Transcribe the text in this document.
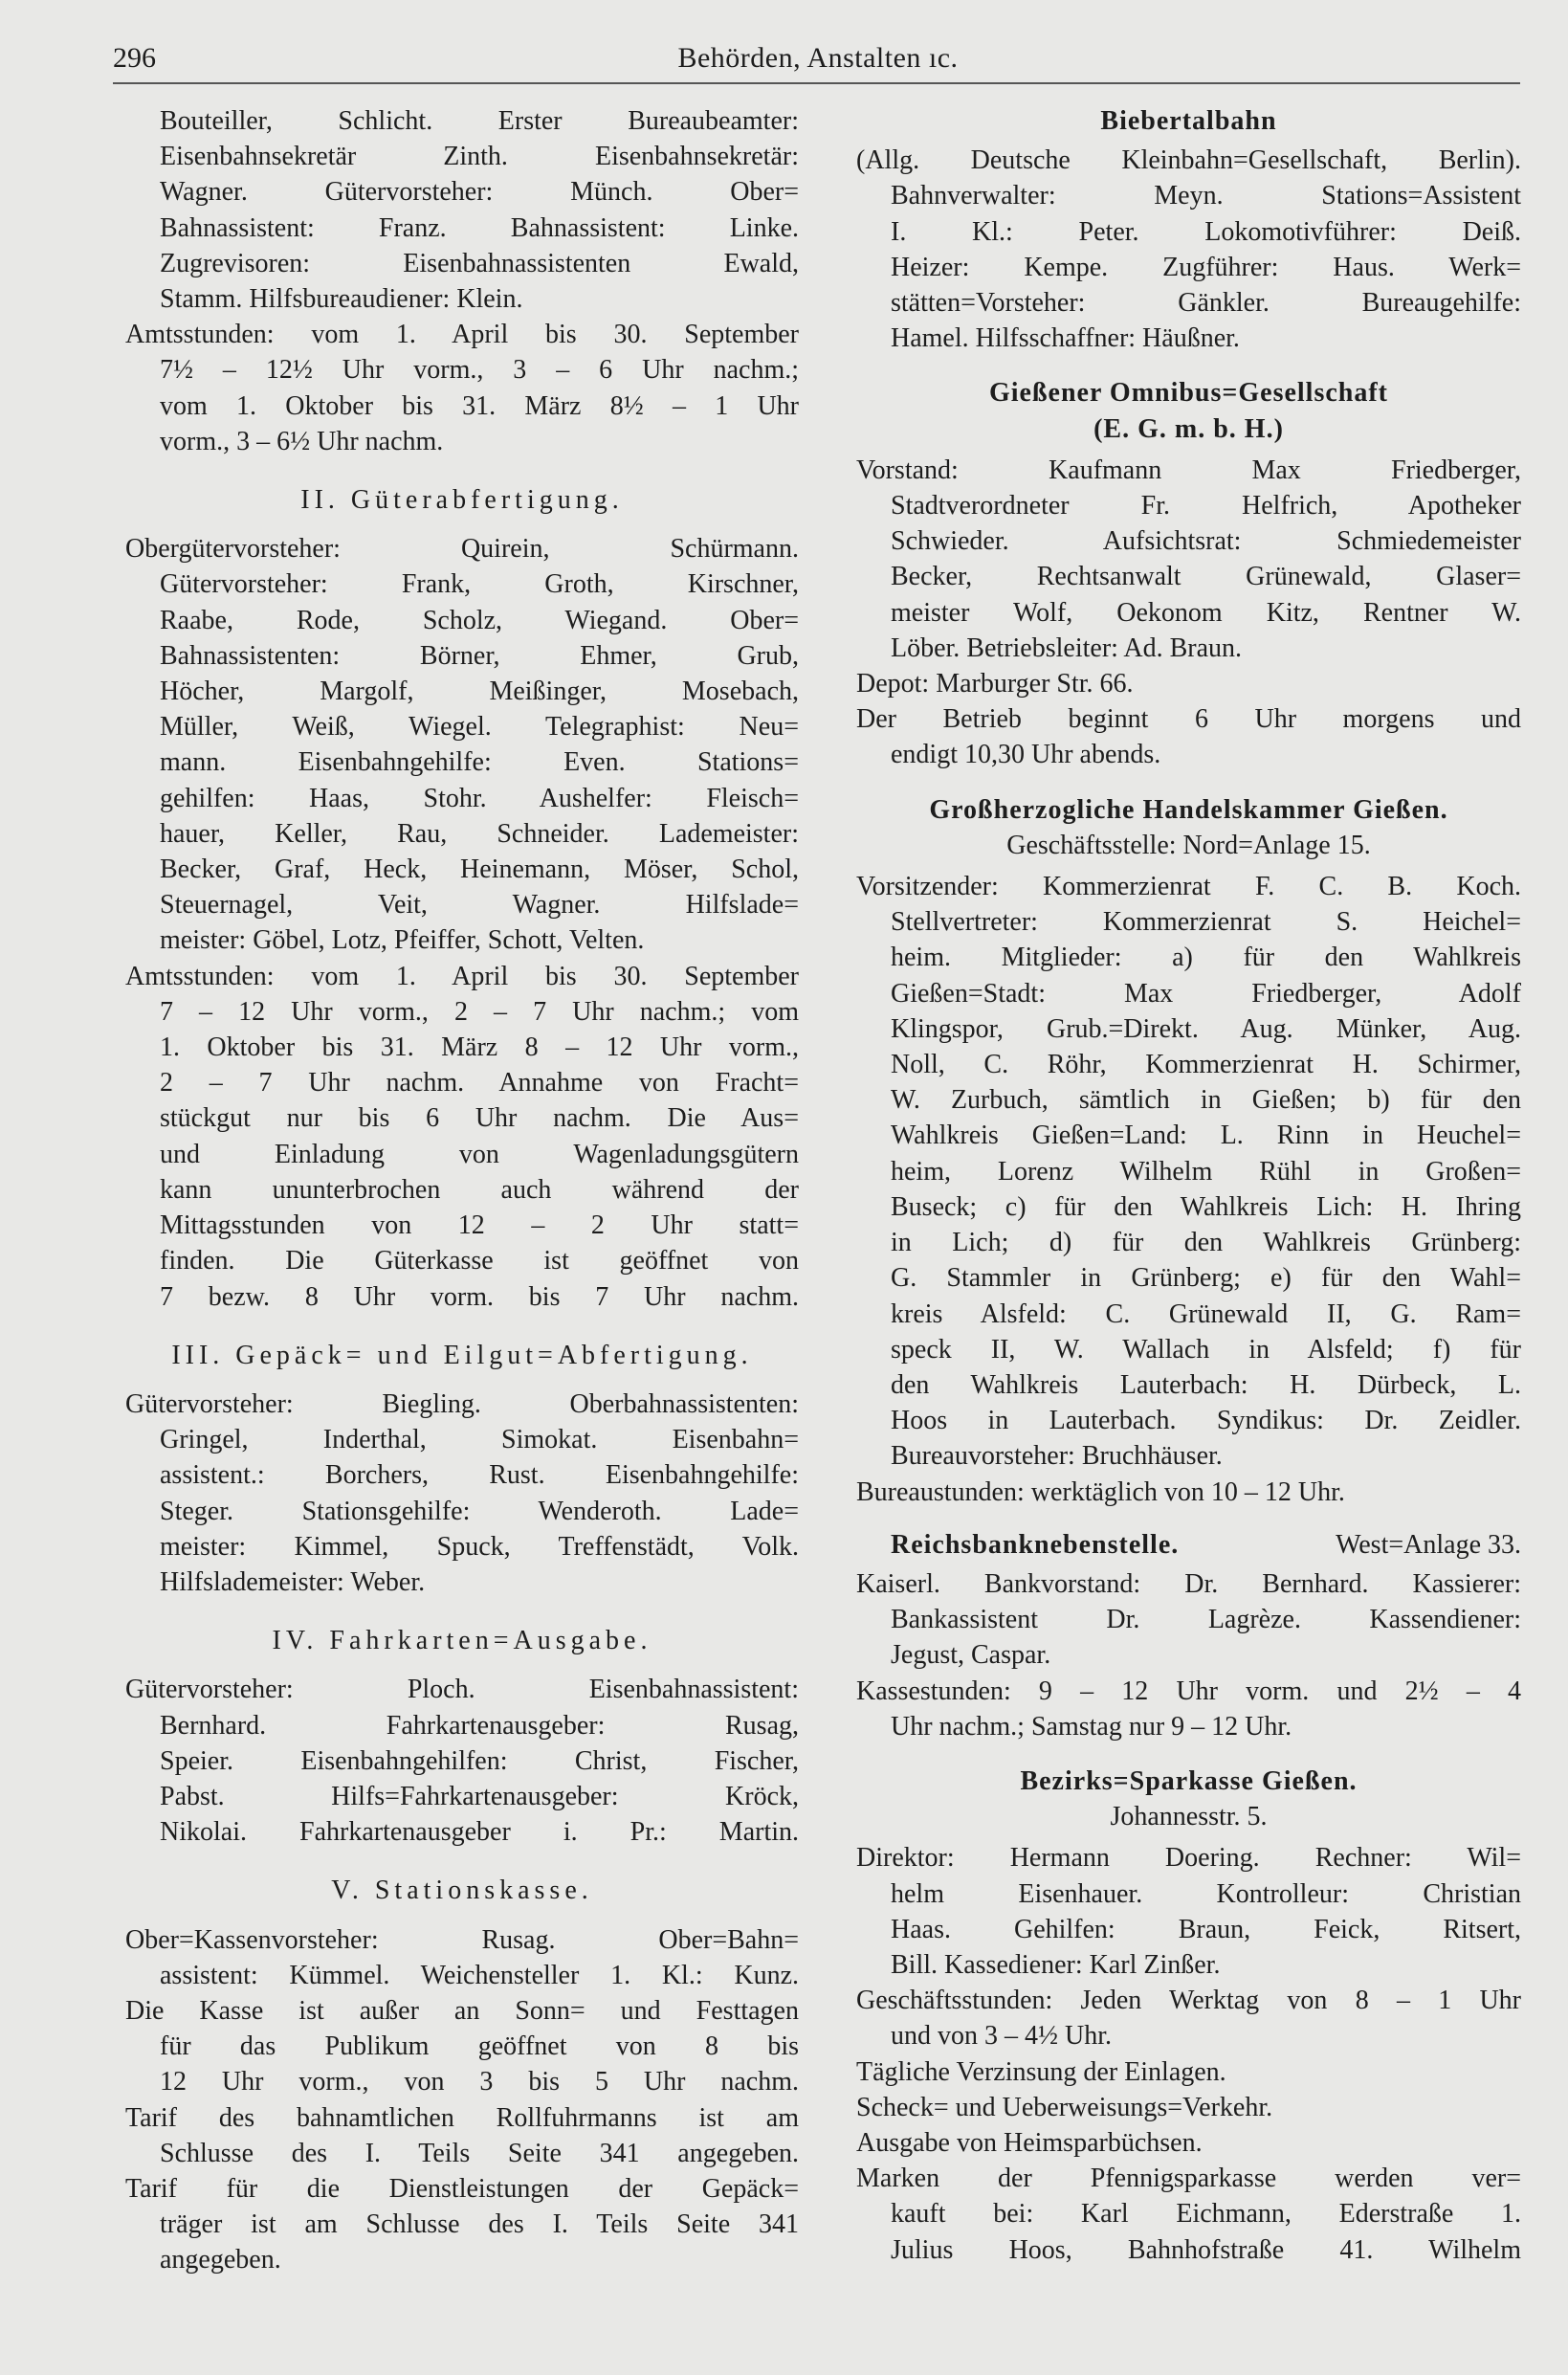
296	Behörden, Anstalten ıc.
Bouteiller, Schlicht. Erster Bureaubeamter:
Eisenbahnsekretär Zinth. Eisenbahnsekretär:
Wagner. Gütervorsteher: Münch. Ober=
Bahnassistent: Franz. Bahnassistent: Linke.
Zugrevisoren: Eisenbahnassistenten Ewald,
Stamm. Hilfsbureaudiener: Klein.
Amtsstunden: vom 1. April bis 30. September
7½ – 12½ Uhr vorm., 3 – 6 Uhr nachm.;
vom 1. Oktober bis 31. März 8½ – 1 Uhr
vorm., 3 – 6½ Uhr nachm.
II. Güterabfertigung.
Obergütervorsteher: Quirein, Schürmann.
Gütervorsteher: Frank, Groth, Kirschner,
Raabe, Rode, Scholz, Wiegand. Ober=
Bahnassistenten: Börner, Ehmer, Grub,
Höcher, Margolf, Meißinger, Mosebach,
Müller, Weiß, Wiegel. Telegraphist: Neu=
mann. Eisenbahngehilfe: Even. Stations=
gehilfen: Haas, Stohr. Aushelfer: Fleisch=
hauer, Keller, Rau, Schneider. Lademeister:
Becker, Graf, Heck, Heinemann, Möser, Schol,
Steuernagel, Veit, Wagner. Hilfslade=
meister: Göbel, Lotz, Pfeiffer, Schott, Velten.
Amtsstunden: vom 1. April bis 30. September
7 – 12 Uhr vorm., 2 – 7 Uhr nachm.; vom
1. Oktober bis 31. März 8 – 12 Uhr vorm.,
2 – 7 Uhr nachm. Annahme von Fracht=
stückgut nur bis 6 Uhr nachm. Die Aus=
und Einladung von Wagenladungsgütern
kann ununterbrochen auch während der
Mittagsstunden von 12 – 2 Uhr statt=
finden. Die Güterkasse ist geöffnet von
7 bezw. 8 Uhr vorm. bis 7 Uhr nachm.
III. Gepäck= und Eilgut=Abfertigung.
Gütervorsteher: Biegling. Oberbahnassistenten:
Gringel, Inderthal, Simokat. Eisenbahn=
assistent.: Borchers, Rust. Eisenbahngehilfe:
Steger. Stationsgehilfe: Wenderoth. Lade=
meister: Kimmel, Spuck, Treffenstädt, Volk.
Hilfslademeister: Weber.
IV. Fahrkarten=Ausgabe.
Gütervorsteher: Ploch. Eisenbahnassistent:
Bernhard. Fahrkartenausgeber: Rusag,
Speier. Eisenbahngehilfen: Christ, Fischer,
Pabst. Hilfs=Fahrkartenausgeber: Kröck,
Nikolai. Fahrkartenausgeber i. Pr.: Martin.
V. Stationskasse.
Ober=Kassenvorsteher: Rusag. Ober=Bahn=
assistent: Kümmel. Weichensteller 1. Kl.: Kunz.
Die Kasse ist außer an Sonn= und Festtagen
für das Publikum geöffnet von 8 bis
12 Uhr vorm., von 3 bis 5 Uhr nachm.
Tarif des bahnamtlichen Rollfuhrmanns ist am
Schlusse des I. Teils Seite 341 angegeben.
Tarif für die Dienstleistungen der Gepäck=
träger ist am Schlusse des I. Teils Seite 341
angegeben.
Biebertalbahn
(Allg. Deutsche Kleinbahn=Gesellschaft, Berlin).
Bahnverwalter: Meyn. Stations=Assistent
I. Kl.: Peter. Lokomotivführer: Deiß.
Heizer: Kempe. Zugführer: Haus. Werk=
stätten=Vorsteher: Gänkler. Bureaugehilfe:
Hamel. Hilfsschaffner: Häußner.
Gießener Omnibus=Gesellschaft
(E. G. m. b. H.)
Vorstand: Kaufmann Max Friedberger,
Stadtverordneter Fr. Helfrich, Apotheker
Schwieder. Aufsichtsrat: Schmiedemeister
Becker, Rechtsanwalt Grünewald, Glaser=
meister Wolf, Oekonom Kitz, Rentner W.
Löber. Betriebsleiter: Ad. Braun.
Depot: Marburger Str. 66.
Der Betrieb beginnt 6 Uhr morgens und
endigt 10,30 Uhr abends.
Großherzogliche Handelskammer Gießen.
Geschäftsstelle: Nord=Anlage 15.
Vorsitzender: Kommerzienrat F. C. B. Koch.
Stellvertreter: Kommerzienrat S. Heichel=
heim. Mitglieder: a) für den Wahlkreis
Gießen=Stadt: Max Friedberger, Adolf
Klingspor, Grub.=Direkt. Aug. Münker, Aug.
Noll, C. Röhr, Kommerzienrat H. Schirmer,
W. Zurbuch, sämtlich in Gießen; b) für den
Wahlkreis Gießen=Land: L. Rinn in Heuchel=
heim, Lorenz Wilhelm Rühl in Großen=
Buseck; c) für den Wahlkreis Lich: H. Ihring
in Lich; d) für den Wahlkreis Grünberg:
G. Stammler in Grünberg; e) für den Wahl=
kreis Alsfeld: C. Grünewald II, G. Ram=
speck II, W. Wallach in Alsfeld; f) für
den Wahlkreis Lauterbach: H. Dürbeck, L.
Hoos in Lauterbach. Syndikus: Dr. Zeidler.
Bureauvorsteher: Bruchhäuser.
Bureaustunden: werktäglich von 10 – 12 Uhr.
Reichsbanknebenstelle.	West=Anlage 33.
Kaiserl. Bankvorstand: Dr. Bernhard. Kassierer:
Bankassistent Dr. Lagrèze. Kassendiener:
Jegust, Caspar.
Kassestunden: 9 – 12 Uhr vorm. und 2½ – 4
Uhr nachm.; Samstag nur 9 – 12 Uhr.
Bezirks=Sparkasse Gießen.
Johannesstr. 5.
Direktor: Hermann Doering. Rechner: Wil=
helm Eisenhauer. Kontrolleur: Christian
Haas. Gehilfen: Braun, Feick, Ritsert,
Bill. Kassediener: Karl Zinßer.
Geschäftsstunden: Jeden Werktag von 8 – 1 Uhr
und von 3 – 4½ Uhr.
Tägliche Verzinsung der Einlagen.
Scheck= und Ueberweisungs=Verkehr.
Ausgabe von Heimsparbüchsen.
Marken der Pfennigsparkasse werden ver=
kauft bei: Karl Eichmann, Ederstraße 1.
Julius Hoos, Bahnhofstraße 41. Wilhelm
